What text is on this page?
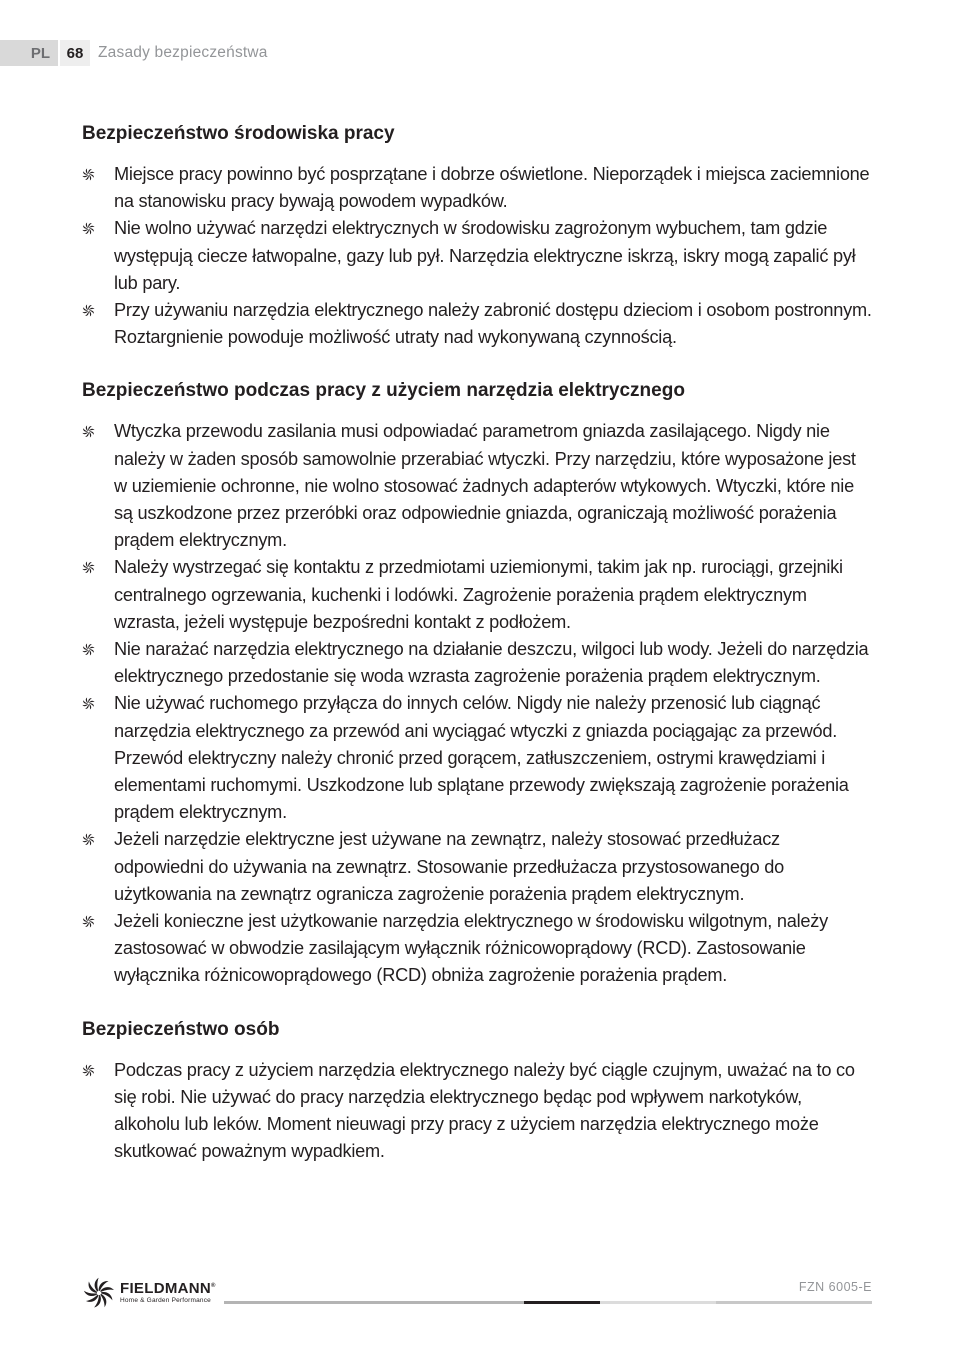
PL	68 Zasady bezpieczeństwa
Bezpieczeństwo środowiska pracy
Miejsce pracy powinno być posprzątane i dobrze oświetlone. Nieporządek i miejsca zaciemnione na stanowisku pracy bywają powodem wypadków.
Nie wolno używać narzędzi elektrycznych w środowisku zagrożonym wybuchem, tam gdzie występują ciecze łatwopalne, gazy lub pył. Narzędzia elektryczne iskrzą, iskry mogą zapalić pył lub pary.
Przy używaniu narzędzia elektrycznego należy zabronić dostępu dzieciom i osobom postronnym. Roztargnienie powoduje możliwość utraty nad wykonywaną czynnością.
Bezpieczeństwo podczas pracy z użyciem narzędzia elektrycznego
Wtyczka przewodu zasilania musi odpowiadać parametrom gniazda zasilającego. Nigdy nie należy w żaden sposób samowolnie przerabiać wtyczki. Przy narzędziu, które wyposażone jest w uziemienie ochronne, nie wolno stosować żadnych adapterów wtykowych. Wtyczki, które nie są uszkodzone przez przeróbki oraz odpowiednie gniazda, ograniczają możliwość porażenia prądem elektrycznym.
Należy wystrzegać się kontaktu z przedmiotami uziemionymi, takim jak np. rurociągi, grzejniki centralnego ogrzewania, kuchenki i lodówki. Zagrożenie porażenia prądem elektrycznym wzrasta, jeżeli występuje bezpośredni kontakt z podłożem.
Nie narażać narzędzia elektrycznego na działanie deszczu, wilgoci lub wody. Jeżeli do narzędzia elektrycznego przedostanie się woda wzrasta zagrożenie porażenia prądem elektrycznym.
Nie używać ruchomego przyłącza do innych celów. Nigdy nie należy przenosić lub ciągnąć narzędzia elektrycznego za przewód ani wyciągać wtyczki z gniazda pociągając za przewód. Przewód elektryczny należy chronić przed gorącem, zatłuszczeniem, ostrymi krawędziami i elementami ruchomymi. Uszkodzone lub splątane przewody zwiększają zagrożenie porażenia prądem elektrycznym.
Jeżeli narzędzie elektryczne jest używane na zewnątrz, należy stosować przedłużacz odpowiedni do używania na zewnątrz. Stosowanie przedłużacza przystosowanego do użytkowania na zewnątrz ogranicza zagrożenie porażenia prądem elektrycznym.
Jeżeli konieczne jest użytkowanie narzędzia elektrycznego w środowisku wilgotnym, należy zastosować w obwodzie zasilającym wyłącznik różnicowoprądowy (RCD). Zastosowanie wyłącznika różnicowoprądowego (RCD) obniża zagrożenie porażenia prądem.
Bezpieczeństwo osób
Podczas pracy z użyciem narzędzia elektrycznego należy być ciągle czujnym, uważać na to co się robi. Nie używać do pracy narzędzia elektrycznego będąc pod wpływem narkotyków, alkoholu lub leków. Moment nieuwagi przy pracy z użyciem narzędzia elektrycznego może skutkować poważnym wypadkiem.
FIELDMANN®
Home & Garden Performance
FZN 6005-E
